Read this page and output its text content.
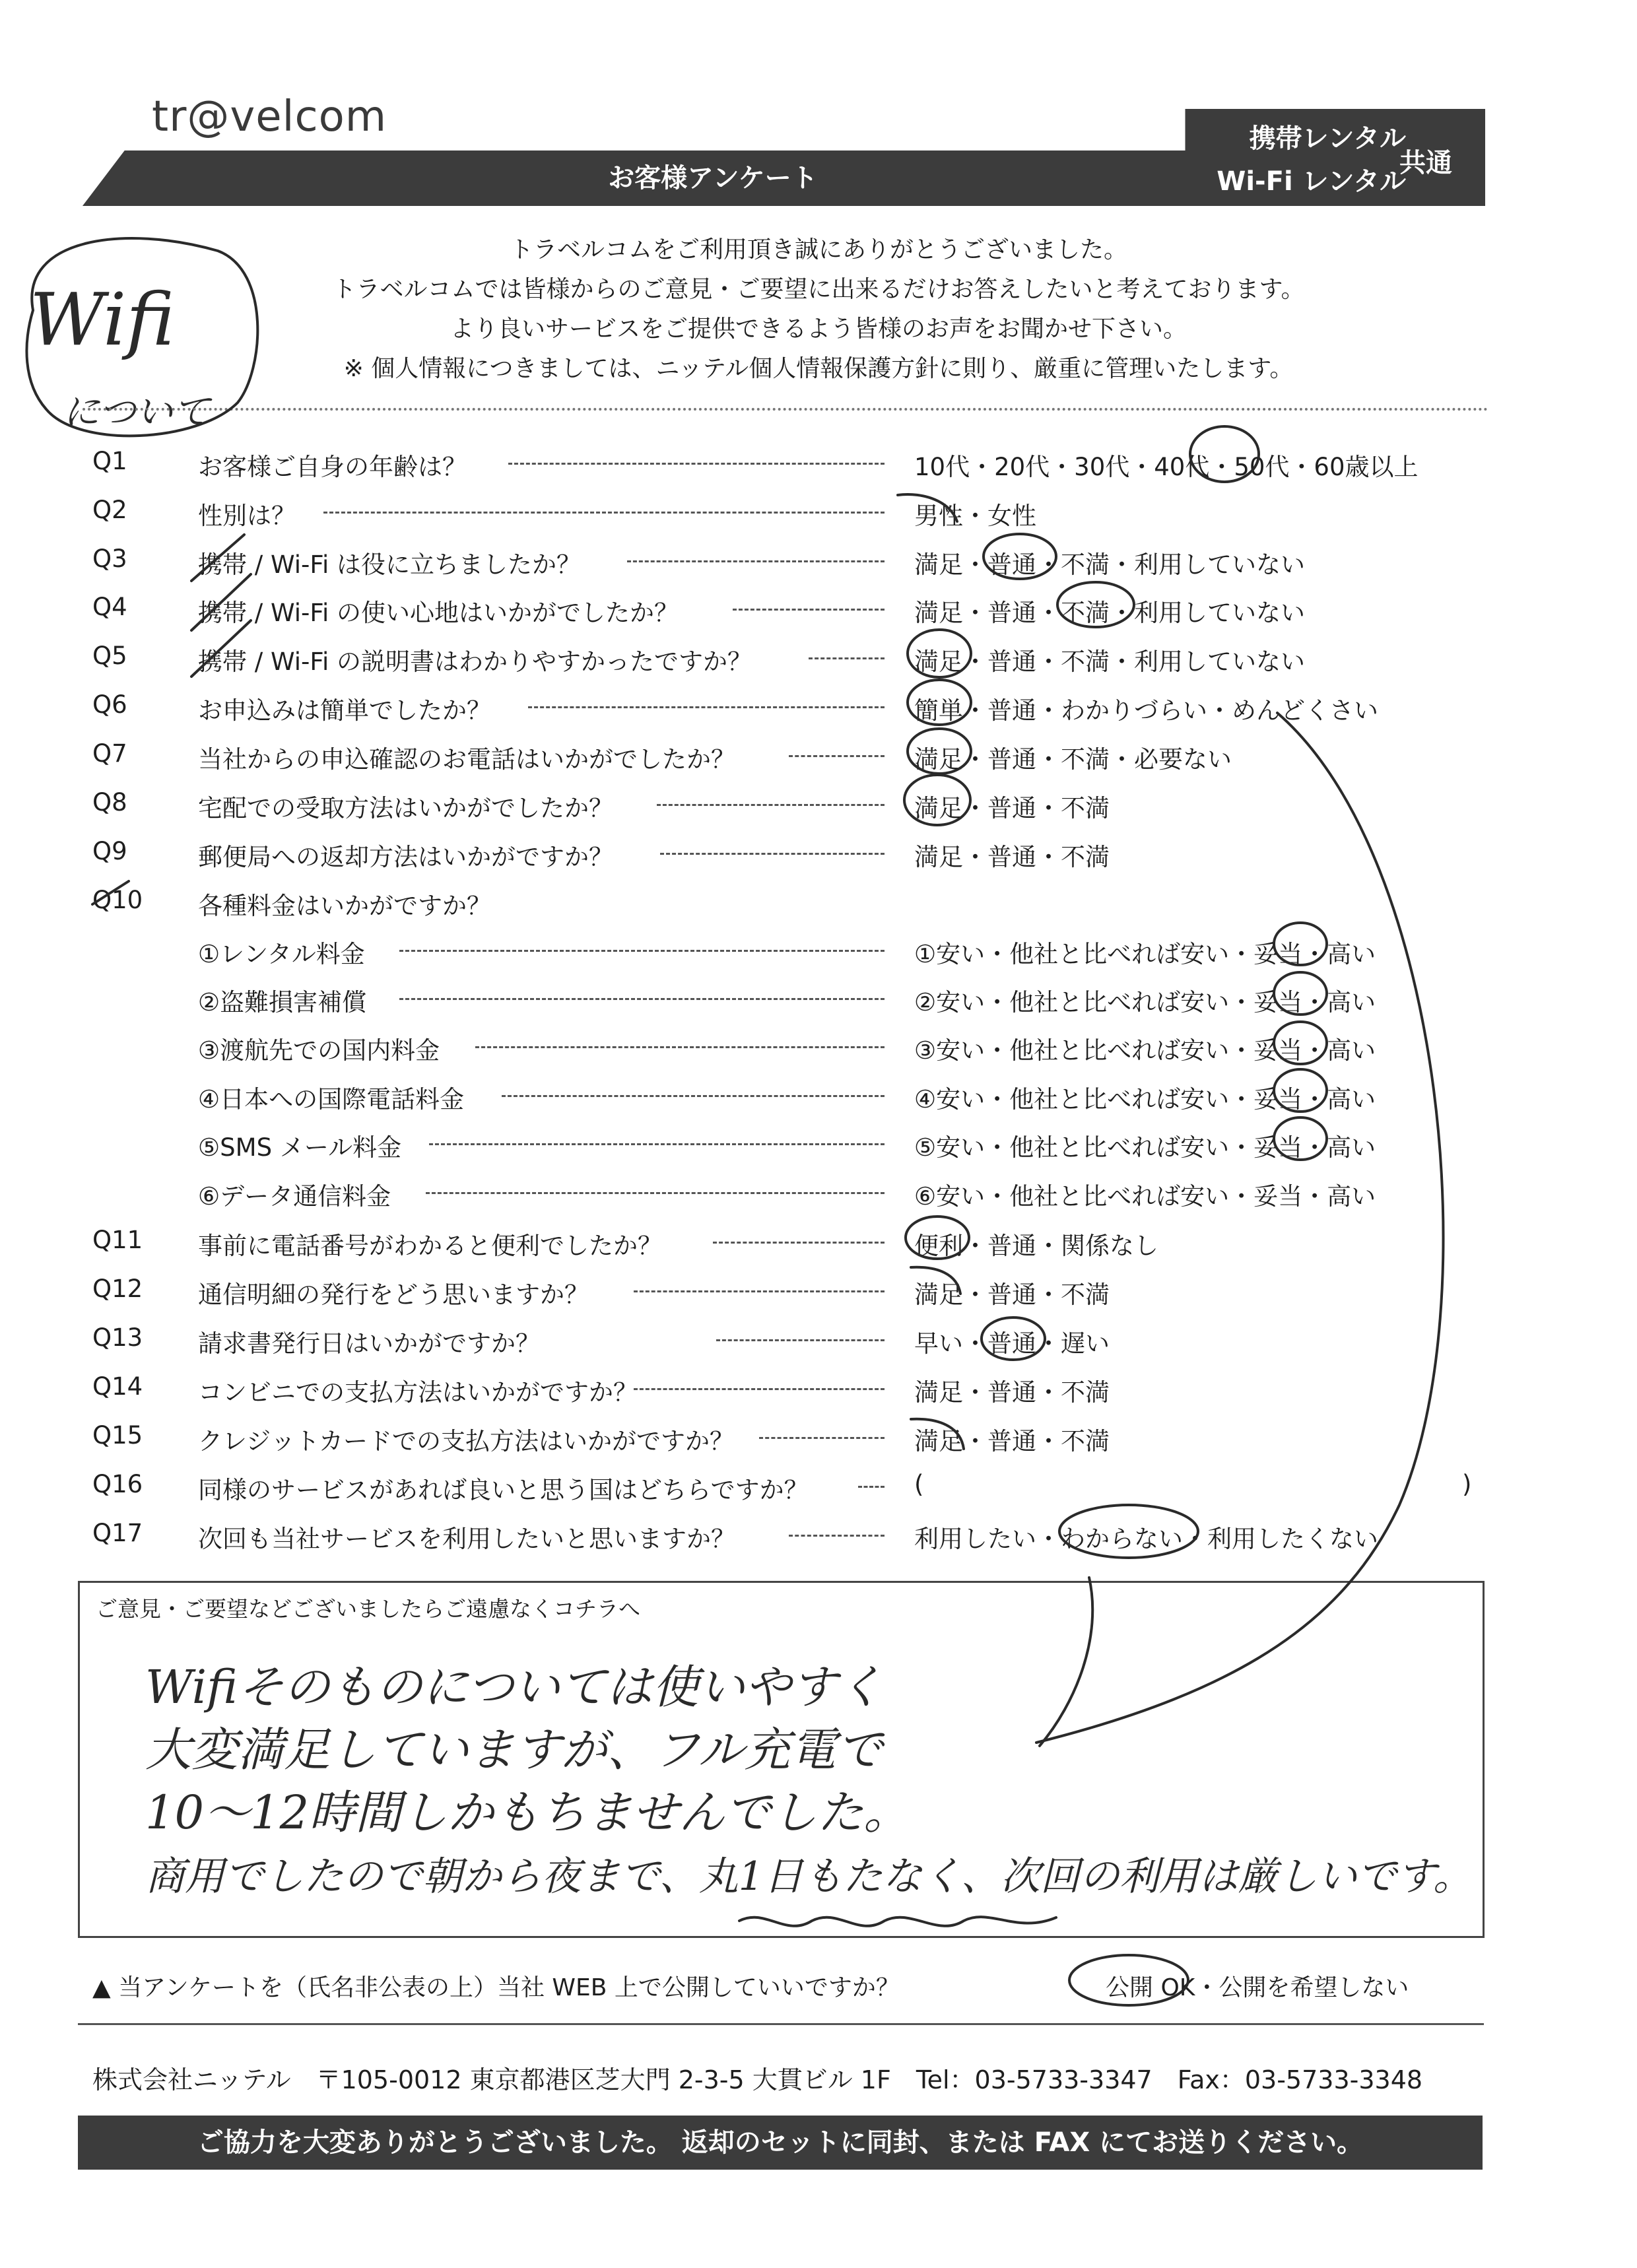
tr@velcom
お客様アンケート
携帯レンタル
Wi-Fi レンタル
共通
トラベルコムをご利用頂き誠にありがとうございました。
トラベルコムでは皆様からのご意見・ご要望に出来るだけお答えしたいと考えております。
より良いサービスをご提供できるよう皆様のお声をお聞かせ下さい。
※ 個人情報につきましては、ニッテル個人情報保護方針に則り、厳重に管理いたします。
Wifi
について
Q1	お客様ご自身の年齢は？	10代・20代・30代・40代・50代・60歳以上
Q2	性別は？	男性・女性
Q3	携帯 / Wi-Fi は役に立ちましたか？	満足・普通・不満・利用していない
Q4	携帯 / Wi-Fi の使い心地はいかがでしたか？	満足・普通・不満・利用していない
Q5	携帯 / Wi-Fi の説明書はわかりやすかったですか？	満足・普通・不満・利用していない
Q6	お申込みは簡単でしたか？	簡単・普通・わかりづらい・めんどくさい
Q7	当社からの申込確認のお電話はいかがでしたか？	満足・普通・不満・必要ない
Q8	宅配での受取方法はいかがでしたか？	満足・普通・不満
Q9	郵便局への返却方法はいかがですか？	満足・普通・不満
Q10 各種料金はいかがですか？
①レンタル料金	①安い・他社と比べれば安い・妥当・高い
②盗難損害補償	②安い・他社と比べれば安い・妥当・高い
③渡航先での国内料金	③安い・他社と比べれば安い・妥当・高い
④日本への国際電話料金	④安い・他社と比べれば安い・妥当・高い
⑤SMS メール料金	⑤安い・他社と比べれば安い・妥当・高い
⑥データ通信料金	⑥安い・他社と比べれば安い・妥当・高い
Q11 事前に電話番号がわかると便利でしたか？	便利・普通・関係なし
Q12 通信明細の発行をどう思いますか？	満足・普通・不満
Q13 請求書発行日はいかがですか？	早い・普通・遅い
Q14 コンビニでの支払方法はいかがですか？	満足・普通・不満
Q15 クレジットカードでの支払方法はいかがですか？	満足・普通・不満
Q16 同様のサービスがあれば良いと思う国はどちらですか？	(	)
Q17 次回も当社サービスを利用したいと思いますか？	利用したい・わからない・利用したくない
ご意見・ご要望などございましたらご遠慮なくコチラへ
Wifiそのものについては使いやすく
大変満足していますが、フル充電で
10〜12時間しかもちませんでした。
商用でしたので朝から夜まで、丸1日もたなく、次回の利用は厳しいです。
▲ 当アンケートを（氏名非公表の上）当社 WEB 上で公開していいですか？	公開 OK・公開を希望しない
株式会社ニッテル　〒105-0012 東京都港区芝大門 2-3-5 大貫ビル 1F　Tel：03-5733-3347　Fax：03-5733-3348
ご協力を大変ありがとうございました。 返却のセットに同封、または FAX にてお送りください。
